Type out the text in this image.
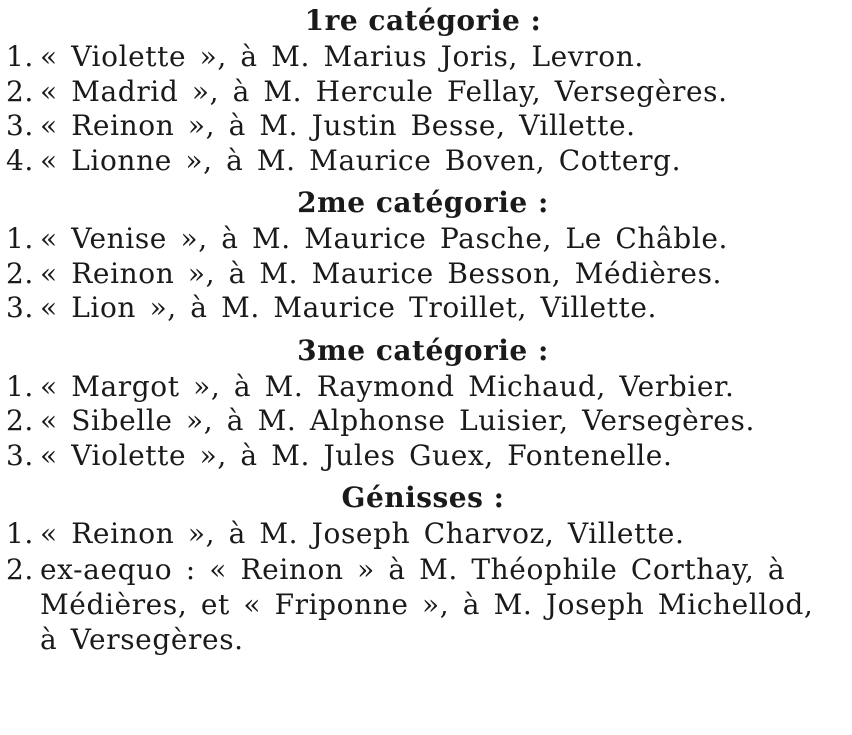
1re catégorie :
1. « Violette », à M. Marius Joris, Levron.
2. « Madrid », à M. Hercule Fellay, Versegères.
3. « Reinon », à M. Justin Besse, Villette.
4. « Lionne », à M. Maurice Boven, Cotterg.
2me catégorie :
1. « Venise », à M. Maurice Pasche, Le Châble.
2. « Reinon », à M. Maurice Besson, Médières.
3. « Lion », à M. Maurice Troillet, Villette.
3me catégorie :
1. « Margot », à M. Raymond Michaud, Verbier.
2. « Sibelle », à M. Alphonse Luisier, Versegères.
3. « Violette », à M. Jules Guex, Fontenelle.
Génisses :
1. « Reinon », à M. Joseph Charvoz, Villette.
2. ex-aequo : « Reinon » à M. Théophile Corthay, à Médières, et « Friponne », à M. Joseph Michellod, à Versegères.
